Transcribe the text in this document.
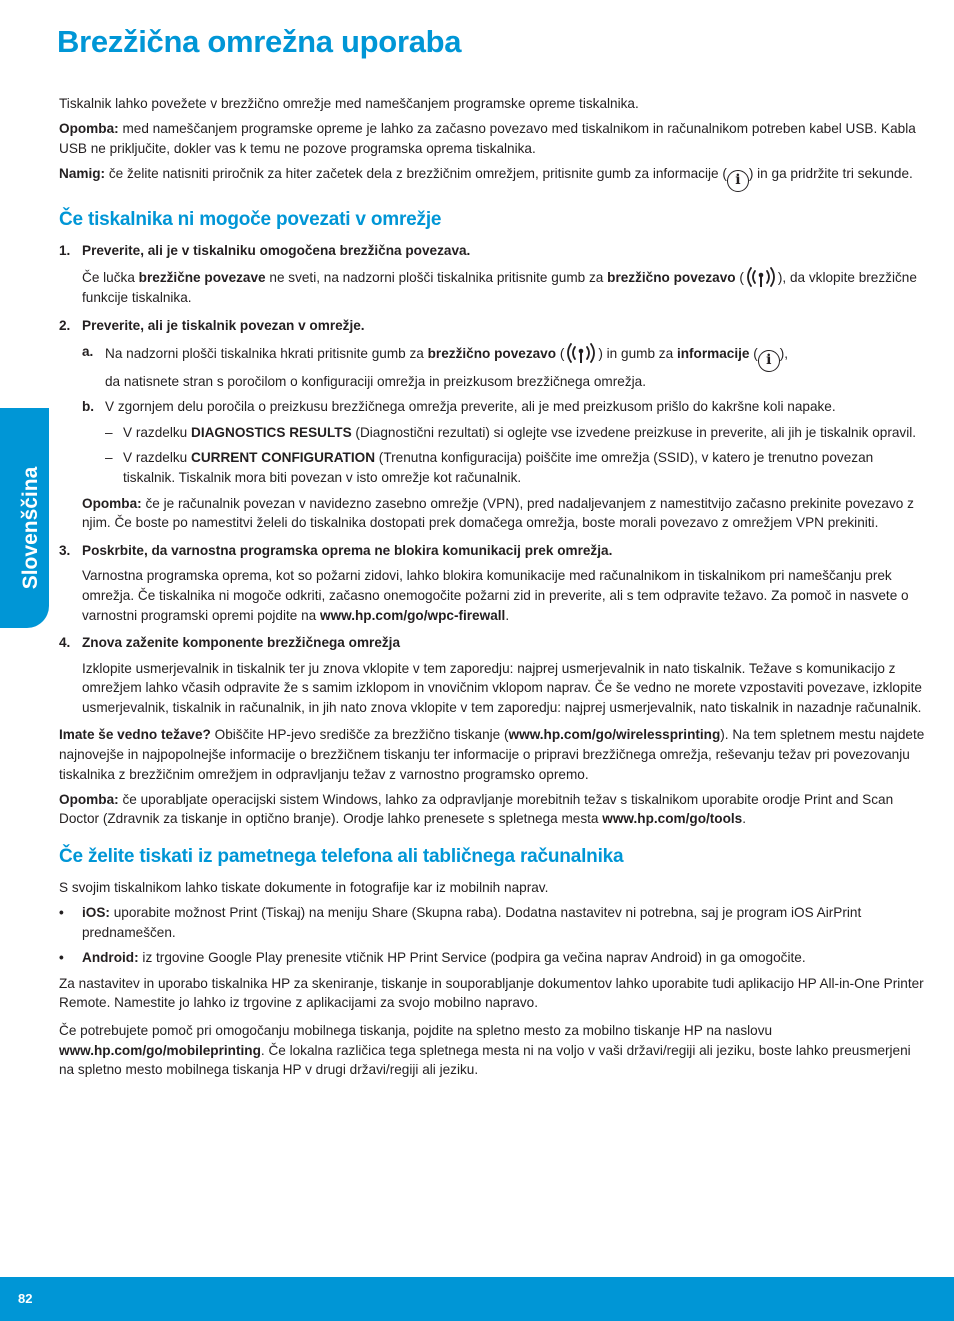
Brezžična omrežna uporaba
Slovenščina

Tiskalnik lahko povežete v brezžično omrežje med nameščanjem programske opreme tiskalnika.

Opomba: med nameščanjem programske opreme je lahko za začasno povezavo med tiskalnikom in računalnikom potreben kabel USB. Kabla USB ne priključite, dokler vas k temu ne pozove programska oprema tiskalnika.

Namig: če želite natisniti priročnik za hiter začetek dela z brezžičnim omrežjem, pritisnite gumb za informacije ( i ) in ga pridržite tri sekunde.

Če tiskalnika ni mogoče povezati v omrežje
1. Preverite, ali je v tiskalniku omogočena brezžična povezava.

Če lučka brezžične povezave ne sveti, na nadzorni plošči tiskalnika pritisnite gumb za brezžično povezavo (	), da vklopite brezžične funkcije tiskalnika.

2. Preverite, ali je tiskalnik povezan v omrežje.
a. Na nadzorni plošči tiskalnika hkrati pritisnite gumb za brezžično povezavo (	) in gumb za informacije ( i ),
da natisnete stran s poročilom o konfiguraciji omrežja in preizkusom brezžičnega omrežja.
b. V zgornjem delu poročila o preizkusu brezžičnega omrežja preverite, ali je med preizkusom prišlo do kakršne koli napake.
– V razdelku DIAGNOSTICS RESULTS (Diagnostični rezultati) si oglejte vse izvedene preizkuse in preverite, ali jih je tiskalnik opravil.
– V razdelku CURRENT CONFIGURATION (Trenutna konfiguracija) poiščite ime omrežja (SSID), v katero je trenutno povezan tiskalnik. Tiskalnik mora biti povezan v isto omrežje kot računalnik.

Opomba: če je računalnik povezan v navidezno zasebno omrežje (VPN), pred nadaljevanjem z namestitvijo začasno prekinite povezavo z njim. Če boste po namestitvi želeli do tiskalnika dostopati prek domačega omrežja, boste morali povezavo z omrežjem VPN prekiniti.

3. Poskrbite, da varnostna programska oprema ne blokira komunikacij prek omrežja.

Varnostna programska oprema, kot so požarni zidovi, lahko blokira komunikacije med računalnikom in tiskalnikom pri nameščanju prek omrežja. Če tiskalnika ni mogoče odkriti, začasno onemogočite požarni zid in preverite, ali s tem odpravite težavo. Za pomoč in nasvete o varnostni programski opremi pojdite na www.hp.com/go/wpc-firewall.

4. Znova zaženite komponente brezžičnega omrežja

Izklopite usmerjevalnik in tiskalnik ter ju znova vklopite v tem zaporedju: najprej usmerjevalnik in nato tiskalnik. Težave s komunikacijo z omrežjem lahko včasih odpravite že s samim izklopom in vnovičnim vklopom naprav. Če še vedno ne morete vzpostaviti povezave, izklopite usmerjevalnik, tiskalnik in računalnik, in jih nato znova vklopite v tem zaporedju: najprej usmerjevalnik, nato tiskalnik in nazadnje računalnik.

Imate še vedno težave? Obiščite HP-jevo središče za brezžično tiskanje (www.hp.com/go/wirelessprinting). Na tem spletnem mestu najdete najnovejše in najpopolnejše informacije o brezžičnem tiskanju ter informacije o pripravi brezžičnega omrežja, reševanju težav pri povezovanju tiskalnika z brezžičnim omrežjem in odpravljanju težav z varnostno programsko opremo.

Opomba: če uporabljate operacijski sistem Windows, lahko za odpravljanje morebitnih težav s tiskalnikom uporabite orodje Print and Scan Doctor (Zdravnik za tiskanje in optično branje). Orodje lahko prenesete s spletnega mesta www.hp.com/go/tools.

Če želite tiskati iz pametnega telefona ali tabličnega računalnika

S svojim tiskalnikom lahko tiskate dokumente in fotografije kar iz mobilnih naprav.

•	iOS: uporabite možnost Print (Tiskaj) na meniju Share (Skupna raba). Dodatna nastavitev ni potrebna, saj je program iOS AirPrint prednameščen.
•	Android: iz trgovine Google Play prenesite vtičnik HP Print Service (podpira ga večina naprav Android) in ga omogočite.

Za nastavitev in uporabo tiskalnika HP za skeniranje, tiskanje in souporabljanje dokumentov lahko uporabite tudi aplikacijo HP All-in-One Printer Remote. Namestite jo lahko iz trgovine z aplikacijami za svojo mobilno napravo.

Če potrebujete pomoč pri omogočanju mobilnega tiskanja, pojdite na spletno mesto za mobilno tiskanje HP na naslovu www.hp.com/go/mobileprinting. Če lokalna različica tega spletnega mesta ni na voljo v vaši državi/regiji ali jeziku, boste lahko preusmerjeni na spletno mesto mobilnega tiskanja HP v drugi državi/regiji ali jeziku.

82
